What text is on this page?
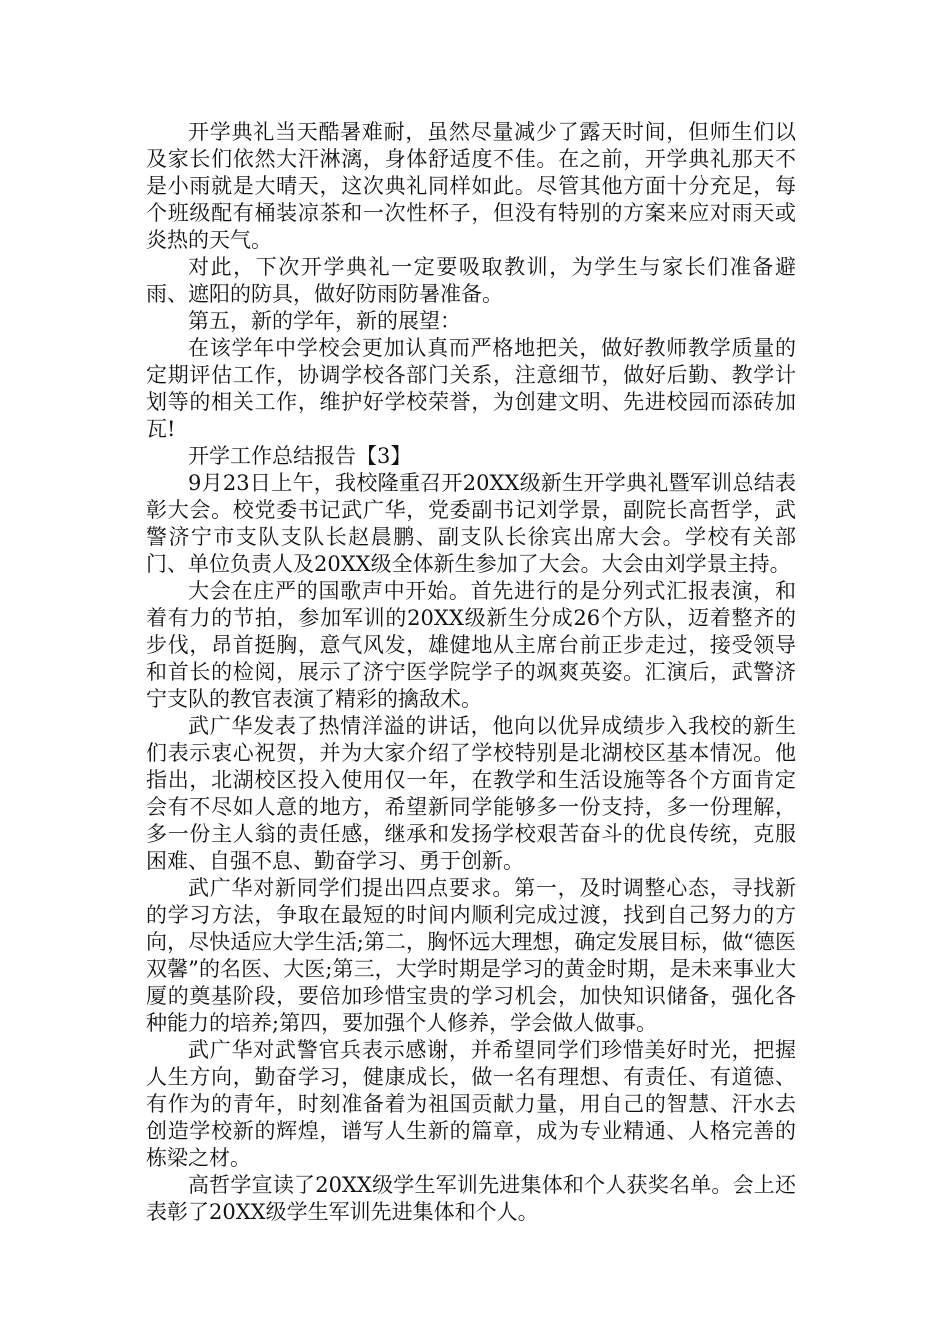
开学典礼当天酷暑难耐，虽然尽量减少了露天时间，但师生们以及家长们依然大汗淋漓，身体舒适度不佳。在之前，开学典礼那天不是小雨就是大晴天，这次典礼同样如此。尽管其他方面十分充足，每个班级配有桶装凉茶和一次性杯子，但没有特别的方案来应对雨天或炎热的天气。

对此，下次开学典礼一定要吸取教训，为学生与家长们准备避雨、遮阳的防具，做好防雨防暑准备。

第五，新的学年，新的展望：

在该学年中学校会更加认真而严格地把关，做好教师教学质量的定期评估工作，协调学校各部门关系，注意细节，做好后勤、教学计划等的相关工作，维护好学校荣誉，为创建文明、先进校园而添砖加瓦!

开学工作总结报告【3】

9月23日上午，我校隆重召开20XX级新生开学典礼暨军训总结表彰大会。校党委书记武广华，党委副书记刘学景，副院长高哲学，武警济宁市支队支队长赵晨鹏、副支队长徐宾出席大会。学校有关部门、单位负责人及20XX级全体新生参加了大会。大会由刘学景主持。

大会在庄严的国歌声中开始。首先进行的是分列式汇报表演，和着有力的节拍，参加军训的20XX级新生分成26个方队，迈着整齐的步伐，昂首挺胸，意气风发，雄健地从主席台前正步走过，接受领导和首长的检阅，展示了济宁医学院学子的飒爽英姿。汇演后，武警济宁支队的教官表演了精彩的擒敌术。

武广华发表了热情洋溢的讲话，他向以优异成绩步入我校的新生们表示衷心祝贺，并为大家介绍了学校特别是北湖校区基本情况。他指出，北湖校区投入使用仅一年，在教学和生活设施等各个方面肯定会有不尽如人意的地方，希望新同学能够多一份支持，多一份理解，多一份主人翁的责任感，继承和发扬学校艰苦奋斗的优良传统，克服困难、自强不息、勤奋学习、勇于创新。

武广华对新同学们提出四点要求。第一，及时调整心态，寻找新的学习方法，争取在最短的时间内顺利完成过渡，找到自己努力的方向，尽快适应大学生活;第二，胸怀远大理想，确定发展目标，做“德医双馨”的名医、大医;第三，大学时期是学习的黄金时期，是未来事业大厦的奠基阶段，要倍加珍惜宝贵的学习机会，加快知识储备，强化各种能力的培养;第四，要加强个人修养，学会做人做事。

武广华对武警官兵表示感谢，并希望同学们珍惜美好时光，把握人生方向，勤奋学习，健康成长，做一名有理想、有责任、有道德、有作为的青年，时刻准备着为祖国贡献力量，用自己的智慧、汗水去创造学校新的辉煌，谱写人生新的篇章，成为专业精通、人格完善的栋梁之材。

高哲学宣读了20XX级学生军训先进集体和个人获奖名单。会上还表彰了20XX级学生军训先进集体和个人。
